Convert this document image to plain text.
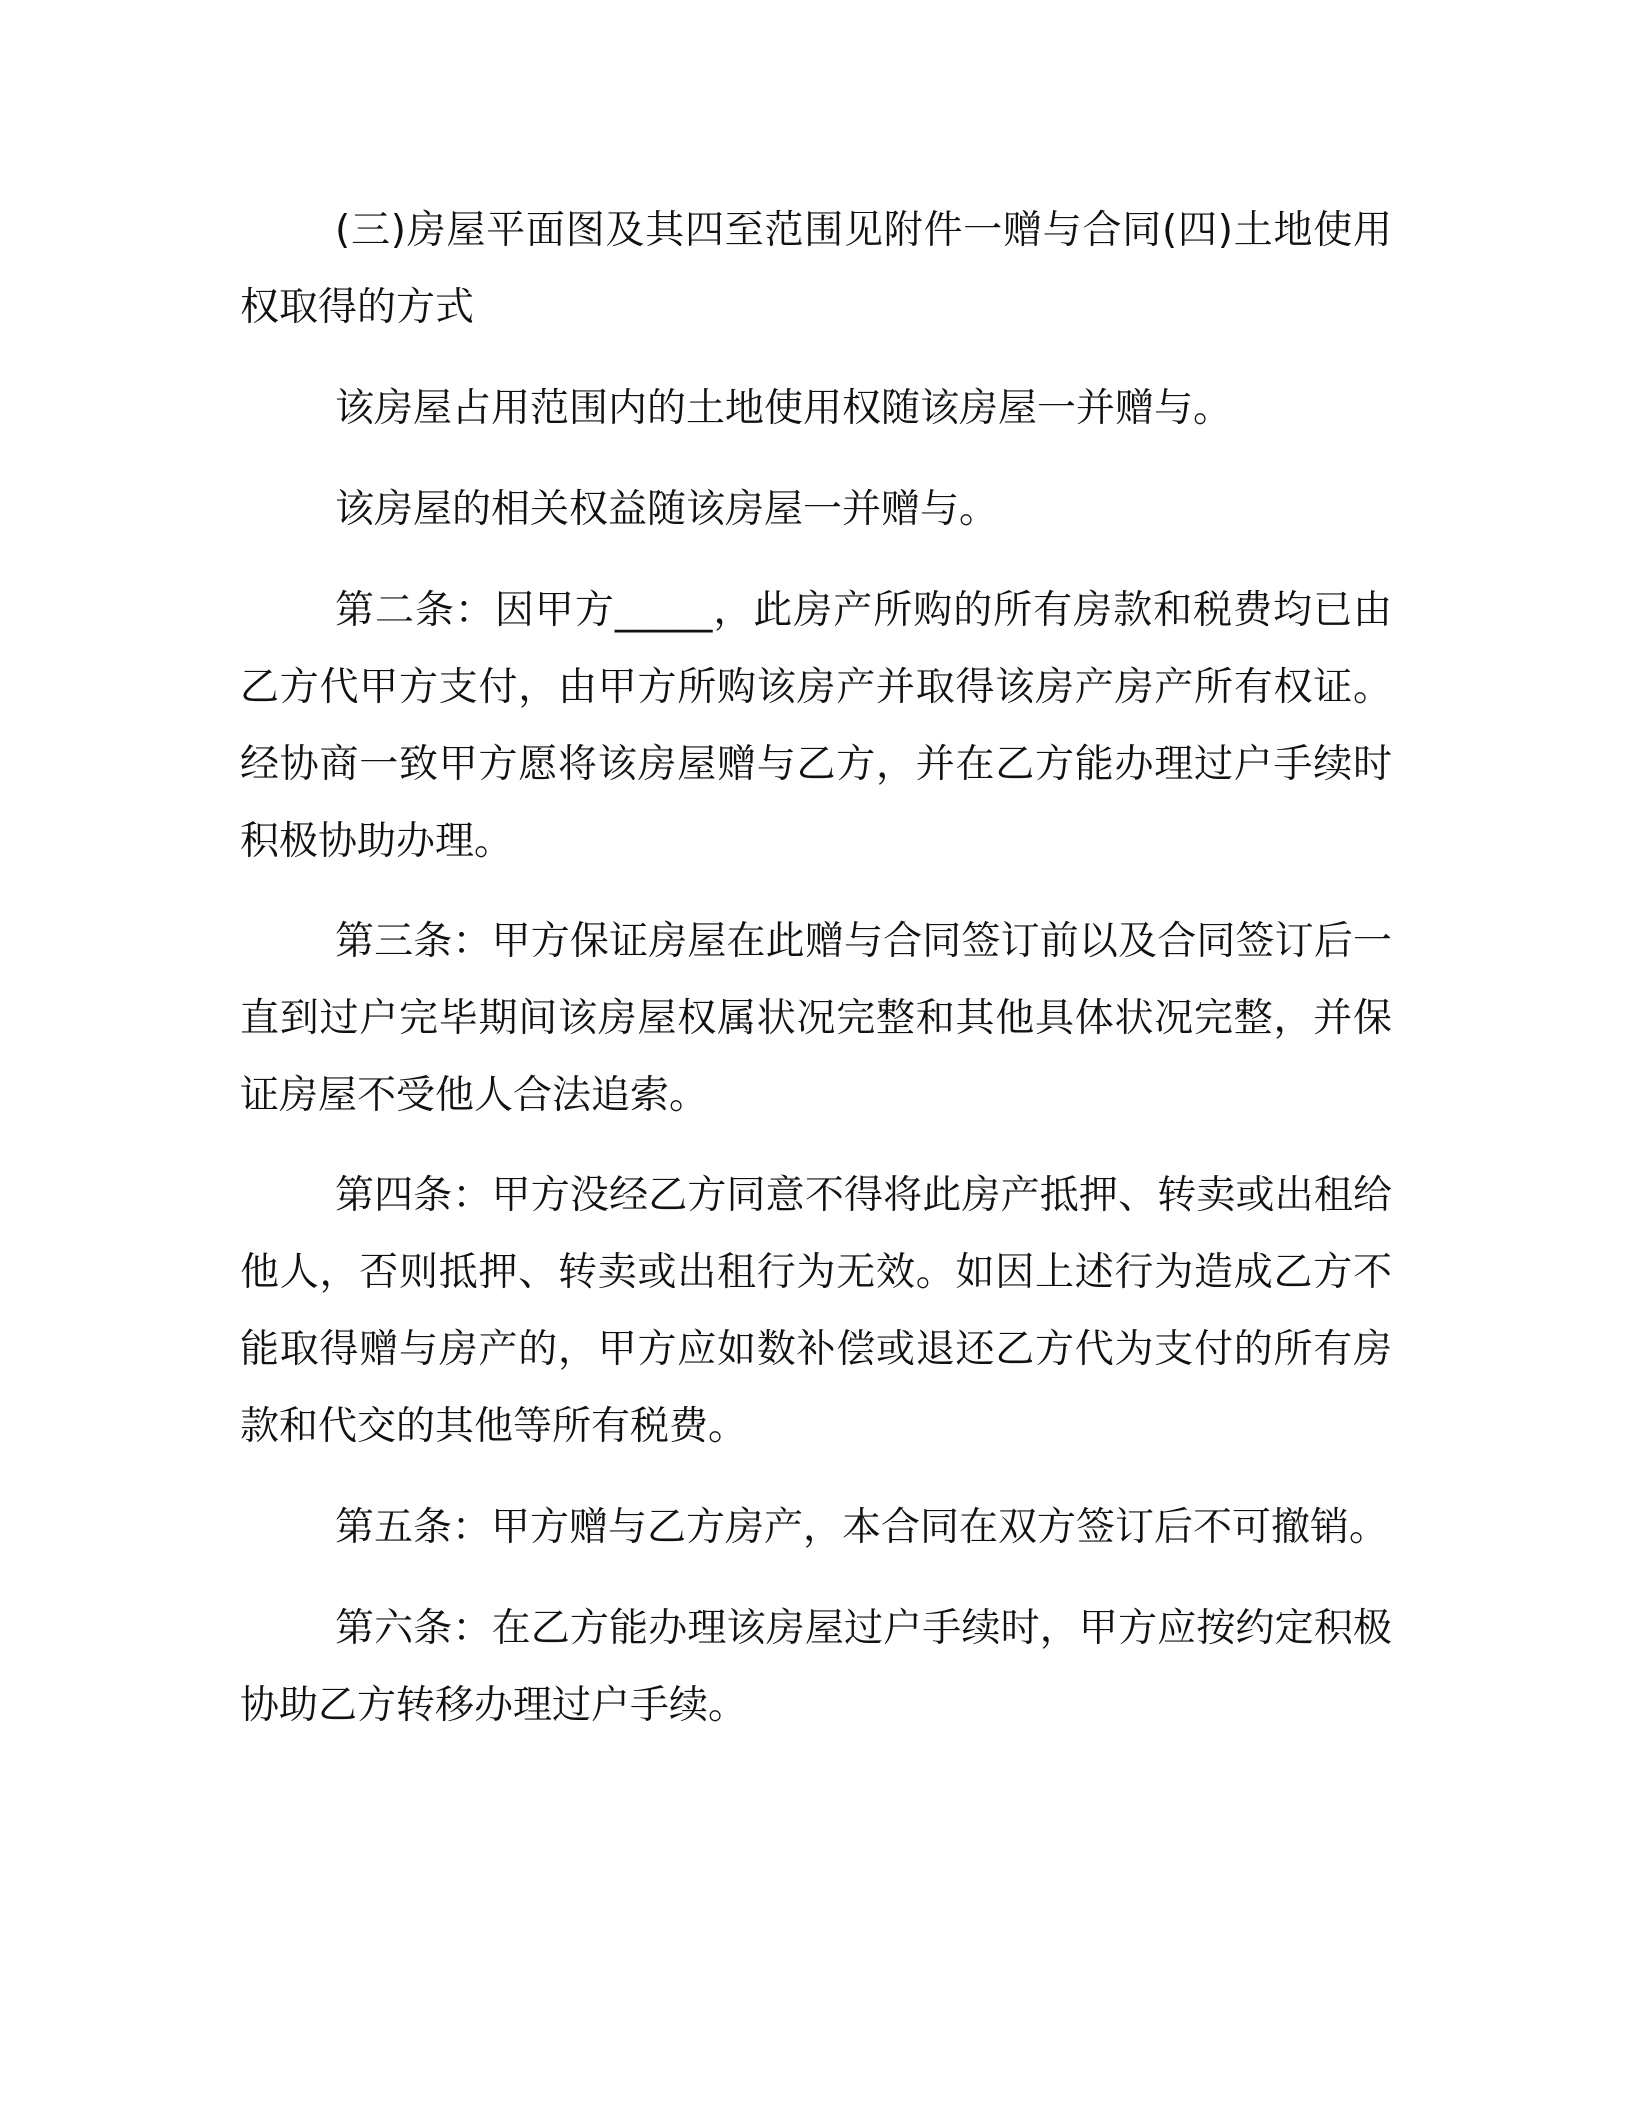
(三)房屋平面图及其四至范围见附件一赠与合同(四)土地使用权取得的方式

该房屋占用范围内的土地使用权随该房屋一并赠与。

该房屋的相关权益随该房屋一并赠与。

第二条：因甲方_____，此房产所购的所有房款和税费均已由乙方代甲方支付，由甲方所购该房产并取得该房产房产所有权证。经协商一致甲方愿将该房屋赠与乙方，并在乙方能办理过户手续时积极协助办理。

第三条：甲方保证房屋在此赠与合同签订前以及合同签订后一直到过户完毕期间该房屋权属状况完整和其他具体状况完整，并保证房屋不受他人合法追索。

第四条：甲方没经乙方同意不得将此房产抵押、转卖或出租给他人，否则抵押、转卖或出租行为无效。如因上述行为造成乙方不能取得赠与房产的，甲方应如数补偿或退还乙方代为支付的所有房款和代交的其他等所有税费。

第五条：甲方赠与乙方房产，本合同在双方签订后不可撤销。

第六条：在乙方能办理该房屋过户手续时，甲方应按约定积极协助乙方转移办理过户手续。
